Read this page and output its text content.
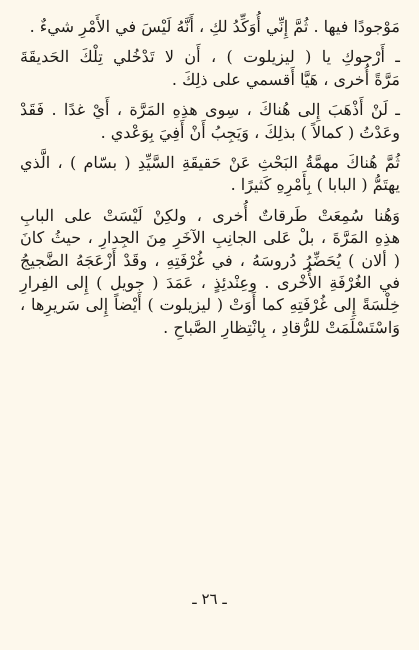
مَوْجودًا فيها . ثُمَّ إِنِّي أُوَكِّدُ لكِ ، أَنَّهُ لَيْسَ في الأَمْرِ شيءٌ .
ـ أَرْجوكِ يا ( ليزيلوت ) ، أَن لا تَدْخُلي تِلْكَ الحَديقَةَ
مَرَّةً أُخرى ، هَيَّا أَقسمي على ذلِكَ .
ـ لَنْ أَذْهَبَ إِلى هُناكَ ، سِوى هذِهِ المَرَّة ، أَيْ غدًا . فَقَدْ
وعَدْتُ ( كمالاً ) بذلِكَ ، وَيَجِبُ أَنْ أَفِيَ بِوَعْدي .
ثُمَّ هُناكَ مهمَّةُ البَحْثِ عَنْ حَقيقَةِ السَّيِّدِ ( بسّام ) ، الَّذي
يهتَمُّ ( البابا ) بِأَمْرِهِ كَثيرًا .
وَهُنا سُمِعَتْ طَرقاتٌ أُخرى ، ولكِنْ لَيْسَتْ على البابِ
هذِهِ المَرَّةَ ، بلْ عَلى الجانِبِ الآخَرِ مِنَ الجِدارِ ، حيثُ كانَ
( ألان ) يُحَضِّرُ دُروسَهُ ، في غُرْفَتِهِ ، وقَدْ أَزْعَجَهُ الضَّجيجُ
في الغُرْفَةِ الأُخْرى . وعِنْدئِذٍ ، عَمَدَ ( جويل ) إِلى الفِرارِ
خِلْسَةً إِلى غُرْفَتِهِ كما أَوَتْ ( ليزيلوت ) أَيْضاً إِلى سَريرِها ،
وَاسْتَسْلَمَتْ للرُّقادِ ، بِانْتِظارِ الصَّباحِ .
ـ ٢٦ ـ
